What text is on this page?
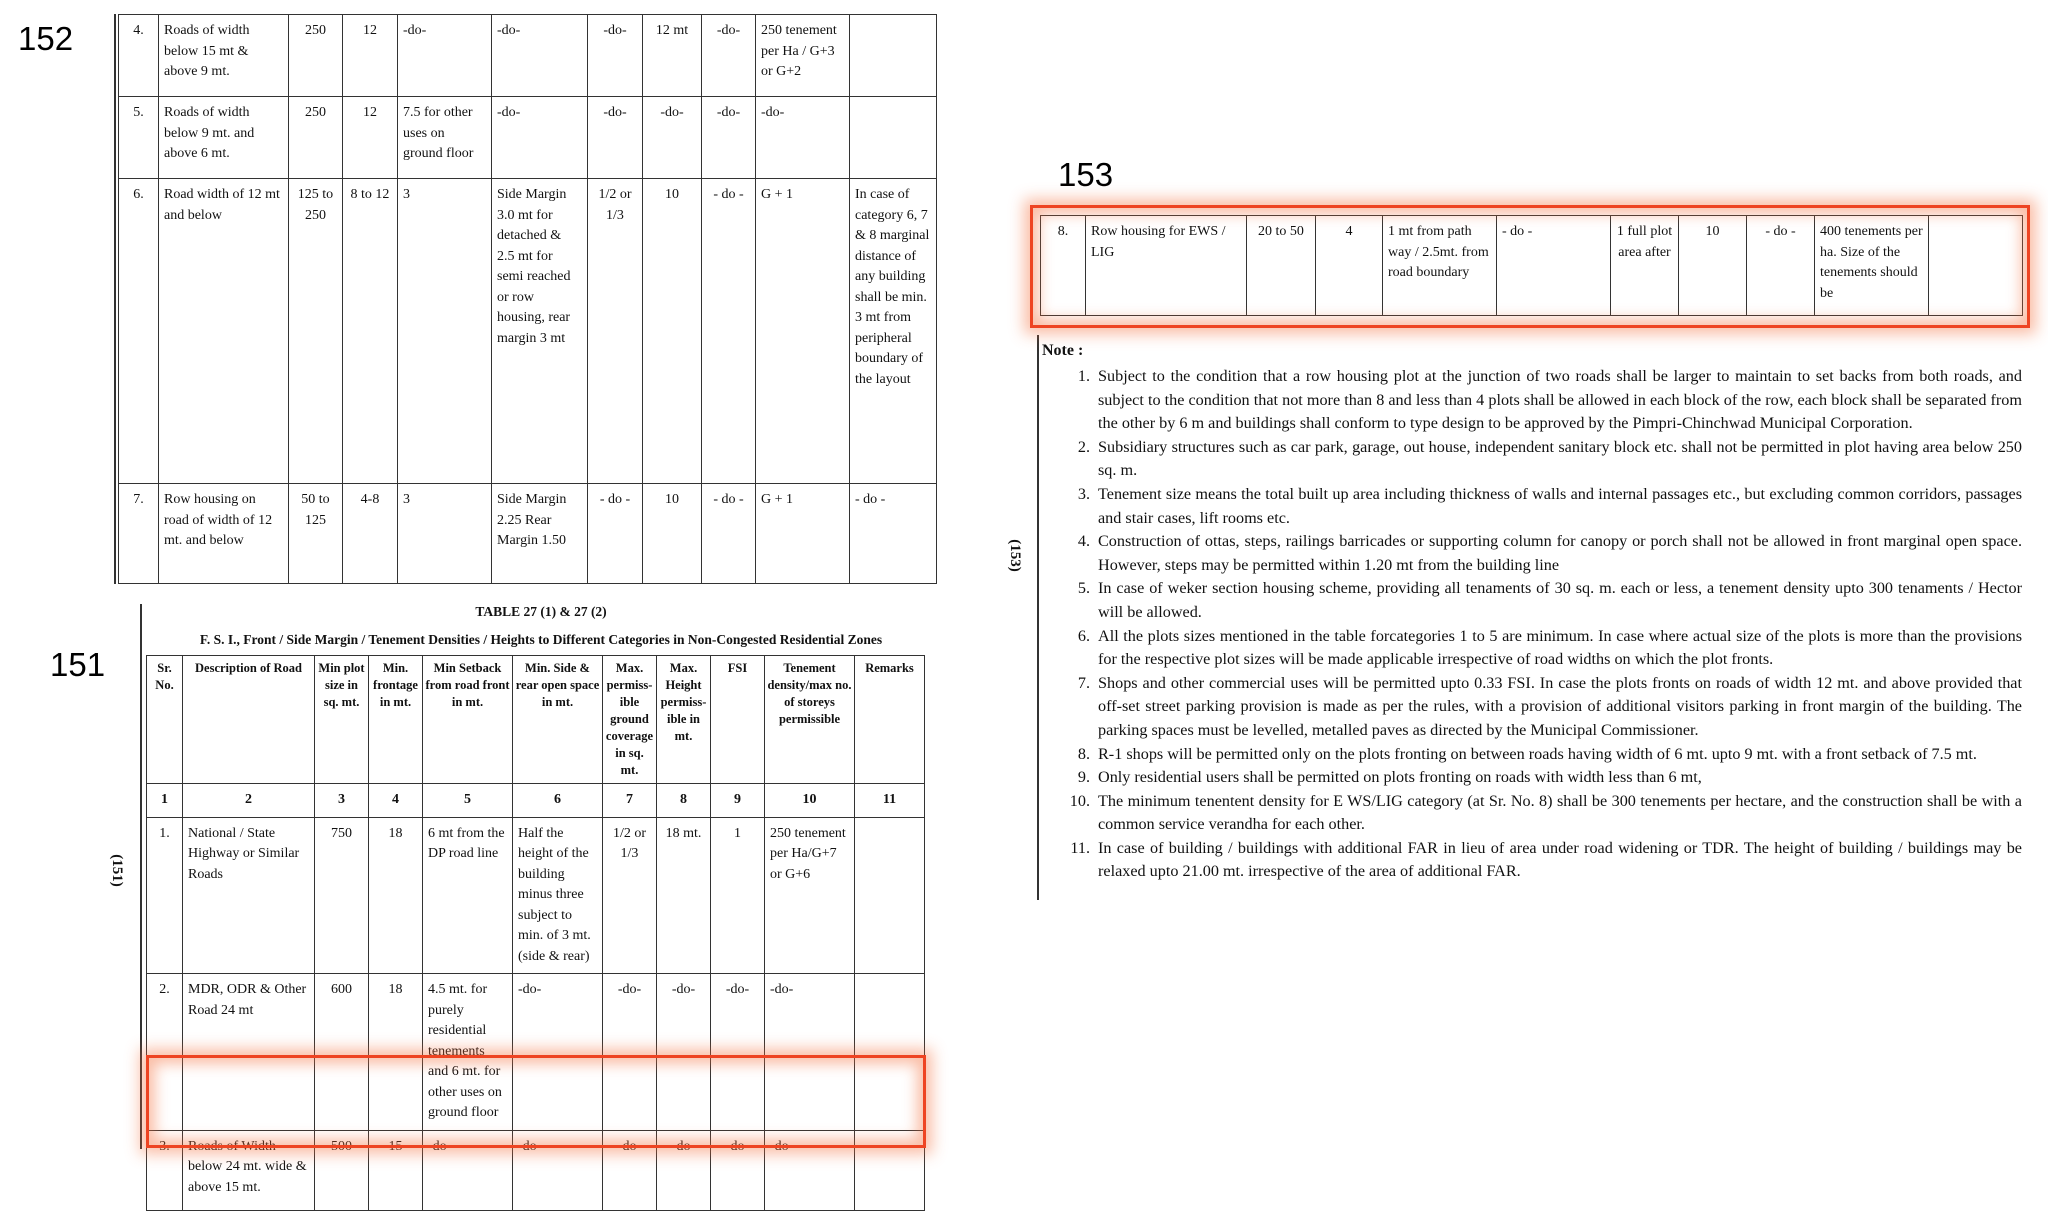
152
151
153
4.	Roads of width below 15 mt & above 9 mt.	250	12	-do-	-do-	-do-	12 mt	-do-	250 tenement per Ha / G+3 or G+2	
5.	Roads of width below 9 mt. and above 6 mt.	250	12	7.5 for other uses on ground floor	-do-	-do-	-do-	-do-	-do-	
6.	Road width of 12 mt and below	125 to 250	8 to 12	3	Side Margin 3.0 mt for detached & 2.5 mt for semi reached or row housing, rear margin 3 mt	1/2 or 1/3	10	- do -	G + 1	In case of category 6, 7 & 8 marginal distance of any building shall be min. 3 mt from peripheral boundary of the layout
7.	Row housing on road of width of 12 mt. and below	50 to 125	4-8	3	Side Margin 2.25 Rear Margin 1.50	- do -	10	- do -	G + 1	- do -
(151)
TABLE 27 (1) & 27 (2)
F. S. I., Front / Side Margin / Tenement Densities / Heights to Different Categories in Non-Congested Residential Zones
Sr. No.	Description of Road	Min plot size in sq. mt.	Min. frontage in mt.	Min Setback from road front in mt.	Min. Side & rear open space in mt.	Max. permiss-ible ground coverage in sq. mt.	Max. Height permiss-ible in mt.	FSI	Tenement density/max no. of storeys permissible	Remarks
1	2	3	4	5	6	7	8	9	10	11
1.	National / State Highway or Similar Roads	750	18	6 mt from the DP road line	Half the height of the building minus three subject to min. of 3 mt. (side & rear)	1/2 or 1/3	18 mt.	1	250 tenement per Ha/G+7 or G+6	
2.	MDR, ODR & Other Road 24 mt	600	18	4.5 mt. for purely residential tenements and 6 mt. for other uses on ground floor	-do-	-do-	-do-	-do-	-do-	
3.	Roads of Width below 24 mt. wide & above 15 mt.	500	15	-do-	-do-	-do-	-do-	-do-	-do-	
(153)
8.	Row housing for EWS / LIG	20 to 50	4	1 mt from path way / 2.5mt. from road boundary	- do -	1 full plot area after	10	- do -	400 tenements per ha. Size of the tenements should be	
Note :
1. Subject to the condition that a row housing plot at the junction of two roads shall be larger to maintain to set backs from both roads, and subject to the condition that not more than 8 and less than 4 plots shall be allowed in each block of the row, each block shall be separated from the other by 6 m and buildings shall conform to type design to be approved by the Pimpri-Chinchwad Municipal Corporation.
2. Subsidiary structures such as car park, garage, out house, independent sanitary block etc. shall not be permitted in plot having area below 250 sq. m.
3. Tenement size means the total built up area including thickness of walls and internal passages etc., but excluding common corridors, passages and stair cases, lift rooms etc.
4. Construction of ottas, steps, railings barricades or supporting column for canopy or porch shall not be allowed in front marginal open space. However, steps may be permitted within 1.20 mt from the building line
5. In case of weker section housing scheme, providing all tenaments of 30 sq. m. each or less, a tenement density upto 300 tenaments / Hector will be allowed.
6. All the plots sizes mentioned in the table forcategories 1 to 5 are minimum. In case where actual size of the plots is more than the provisions for the respective plot sizes will be made applicable irrespective of road widths on which the plot fronts.
7. Shops and other commercial uses will be permitted upto 0.33 FSI. In case the plots fronts on roads of width 12 mt. and above provided that off-set street parking provision is made as per the rules, with a provision of additional visitors parking in front margin of the building. The parking spaces must be levelled, metalled paves as directed by the Municipal Commissioner.
8. R-1 shops will be permitted only on the plots fronting on between roads having width of 6 mt. upto 9 mt. with a front setback of 7.5 mt.
9. Only residential users shall be permitted on plots fronting on roads with width less than 6 mt,
10. The minimum tenentent density for E WS/LIG category (at Sr. No. 8) shall be 300 tenements per hectare, and the construction shall be with a common service verandha for each other.
11. In case of building / buildings with additional FAR in lieu of area under road widening or TDR. The height of building / buildings may be relaxed upto 21.00 mt. irrespective of the area of additional FAR.
